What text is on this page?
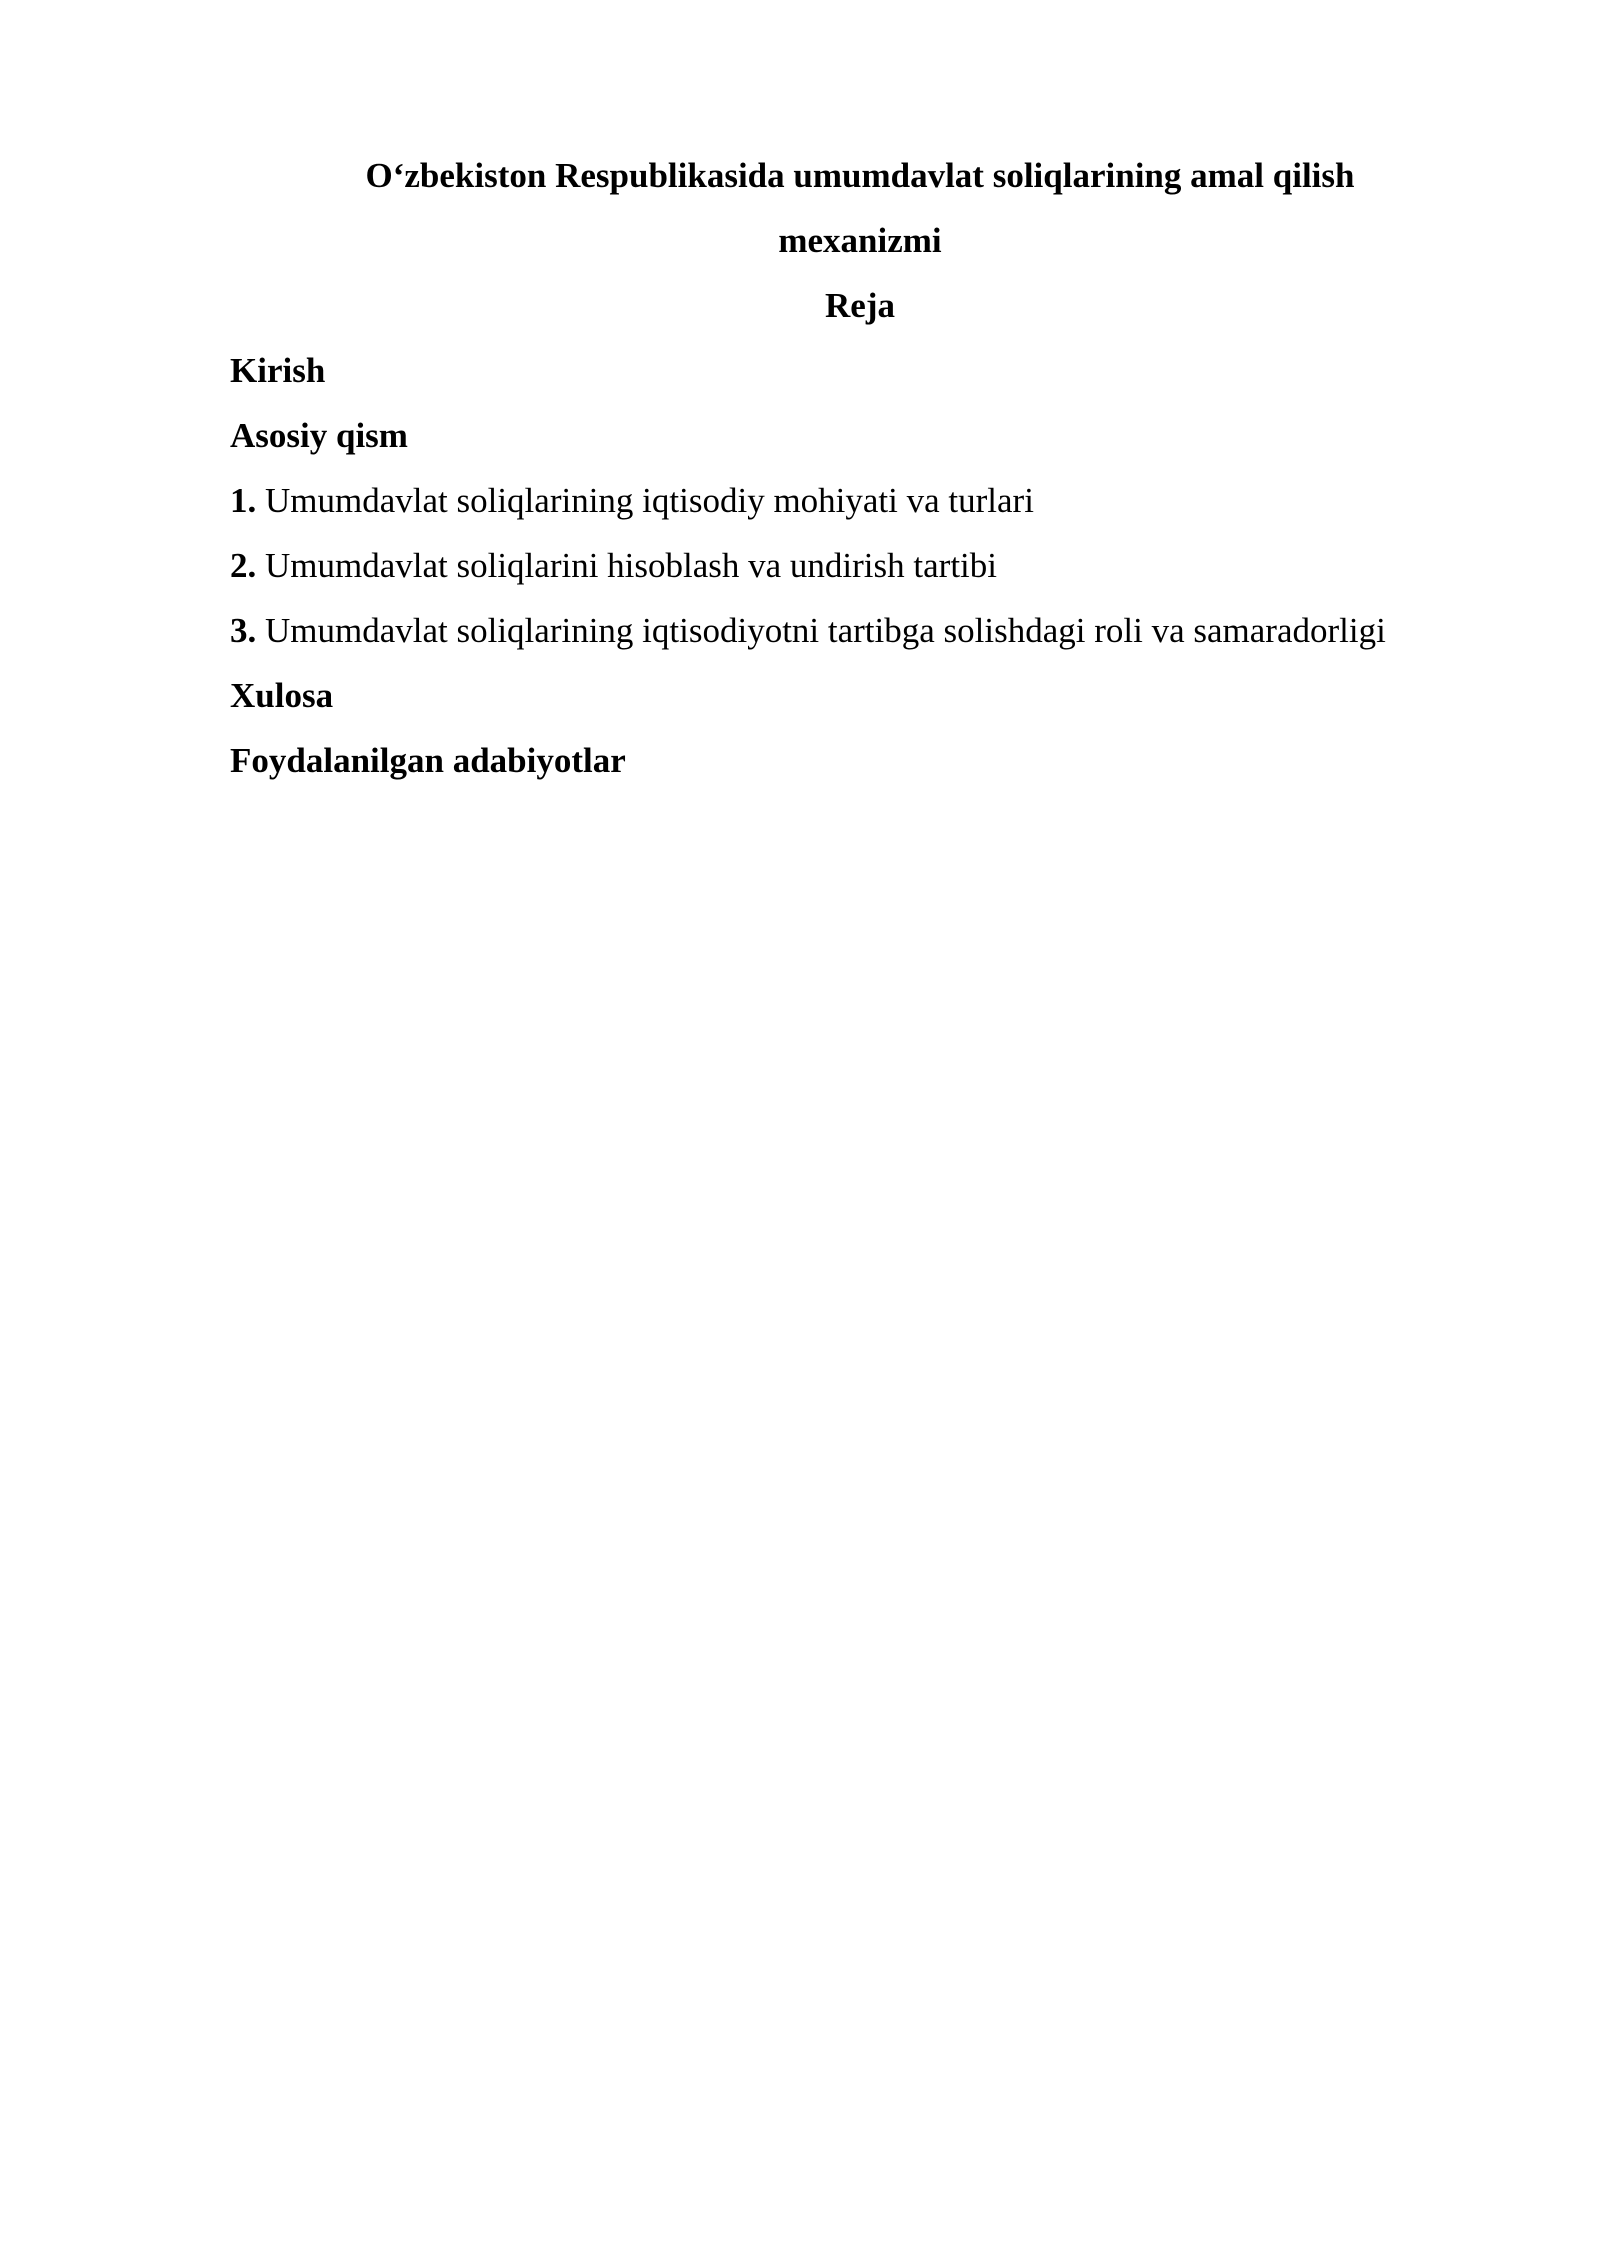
O‘zbekiston Respublikasida umumdavlat soliqlarining amal qilish
mexanizmi
Reja
Kirish
Asosiy qism
1. Umumdavlat soliqlarining iqtisodiy mohiyati va turlari
2. Umumdavlat soliqlarini hisoblash va undirish tartibi
3. Umumdavlat soliqlarining iqtisodiyotni tartibga solishdagi roli va samaradorligi
Xulosa
Foydalanilgan adabiyotlar
